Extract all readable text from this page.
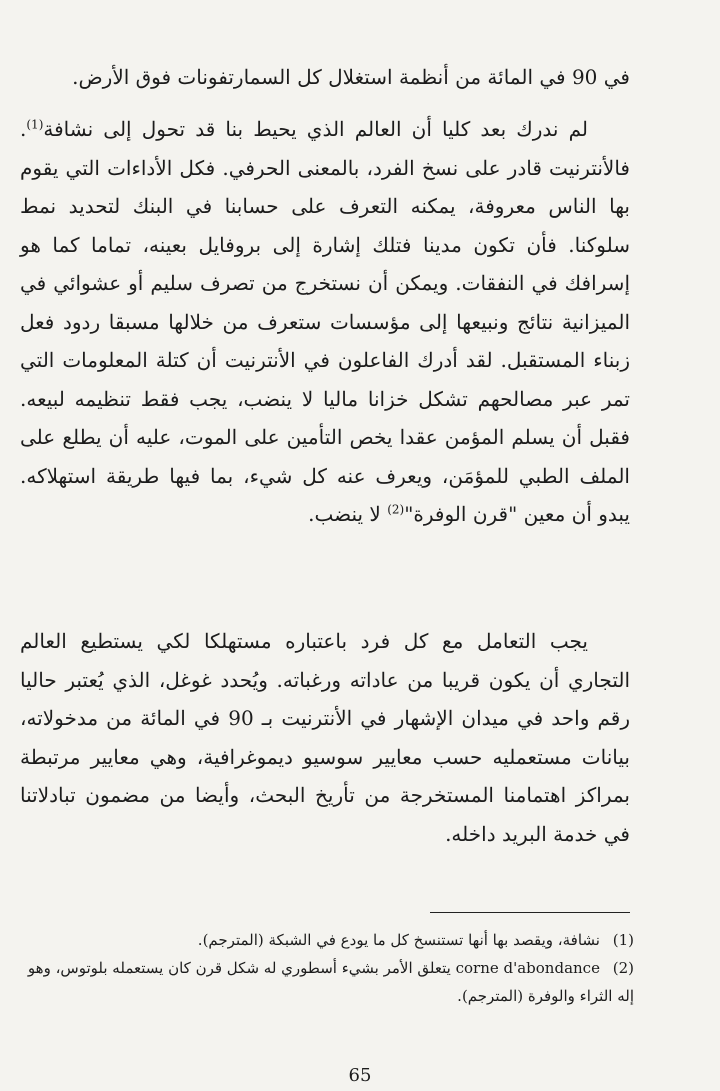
في 90 في المائة من أنظمة استغلال كل السمارتفونات فوق الأرض.

لم ندرك بعد كليا أن العالم الذي يحيط بنا قد تحول إلى نشافة$^{(1)}$. فالأنترنيت قادر على نسخ الفرد، بالمعنى الحرفي. فكل الأداءات التي يقوم بها الناس معروفة، يمكنه التعرف على حسابنا في البنك لتحديد نمط سلوكنا. فأن تكون مدينا فتلك إشارة إلى بروفايل بعينه، تماما كما هو إسرافك في النفقات. ويمكن أن نستخرج من تصرف سليم أو عشوائي في الميزانية نتائج ونبيعها إلى مؤسسات ستعرف من خلالها مسبقا ردود فعل زبناء المستقبل. لقد أدرك الفاعلون في الأنترنيت أن كتلة المعلومات التي تمر عبر مصالحهم تشكل خزانا ماليا لا ينضب، يجب فقط تنظيمه لبيعه. فقبل أن يسلم المؤمن عقدا يخص التأمين على الموت، عليه أن يطلع على الملف الطبي للمؤمَن، ويعرف عنه كل شيء، بما فيها طريقة استهلاكه. يبدو أن معين "قرن الوفرة"$^{(2)}$ لا ينضب.

يجب التعامل مع كل فرد باعتباره مستهلكا لكي يستطيع العالم التجاري أن يكون قريبا من عاداته ورغباته. ويُحدد غوغل، الذي يُعتبر حاليا رقم واحد في ميدان الإشهار في الأنترنيت بـ 90 في المائة من مدخولاته، بيانات مستعمليه حسب معايير سوسيو ديموغرافية، وهي معايير مرتبطة بمراكز اهتمامنا المستخرجة من تأريخ البحث، وأيضا من مضمون تبادلاتنا في خدمة البريد داخله.

(1) نشافة، ويقصد بها أنها تستنسخ كل ما يودع في الشبكة (المترجم).

(2) corne d'abondance يتعلق الأمر بشيء أسطوري له شكل قرن كان يستعمله بلوتوس، وهو إله الثراء والوفرة (المترجم).

65
